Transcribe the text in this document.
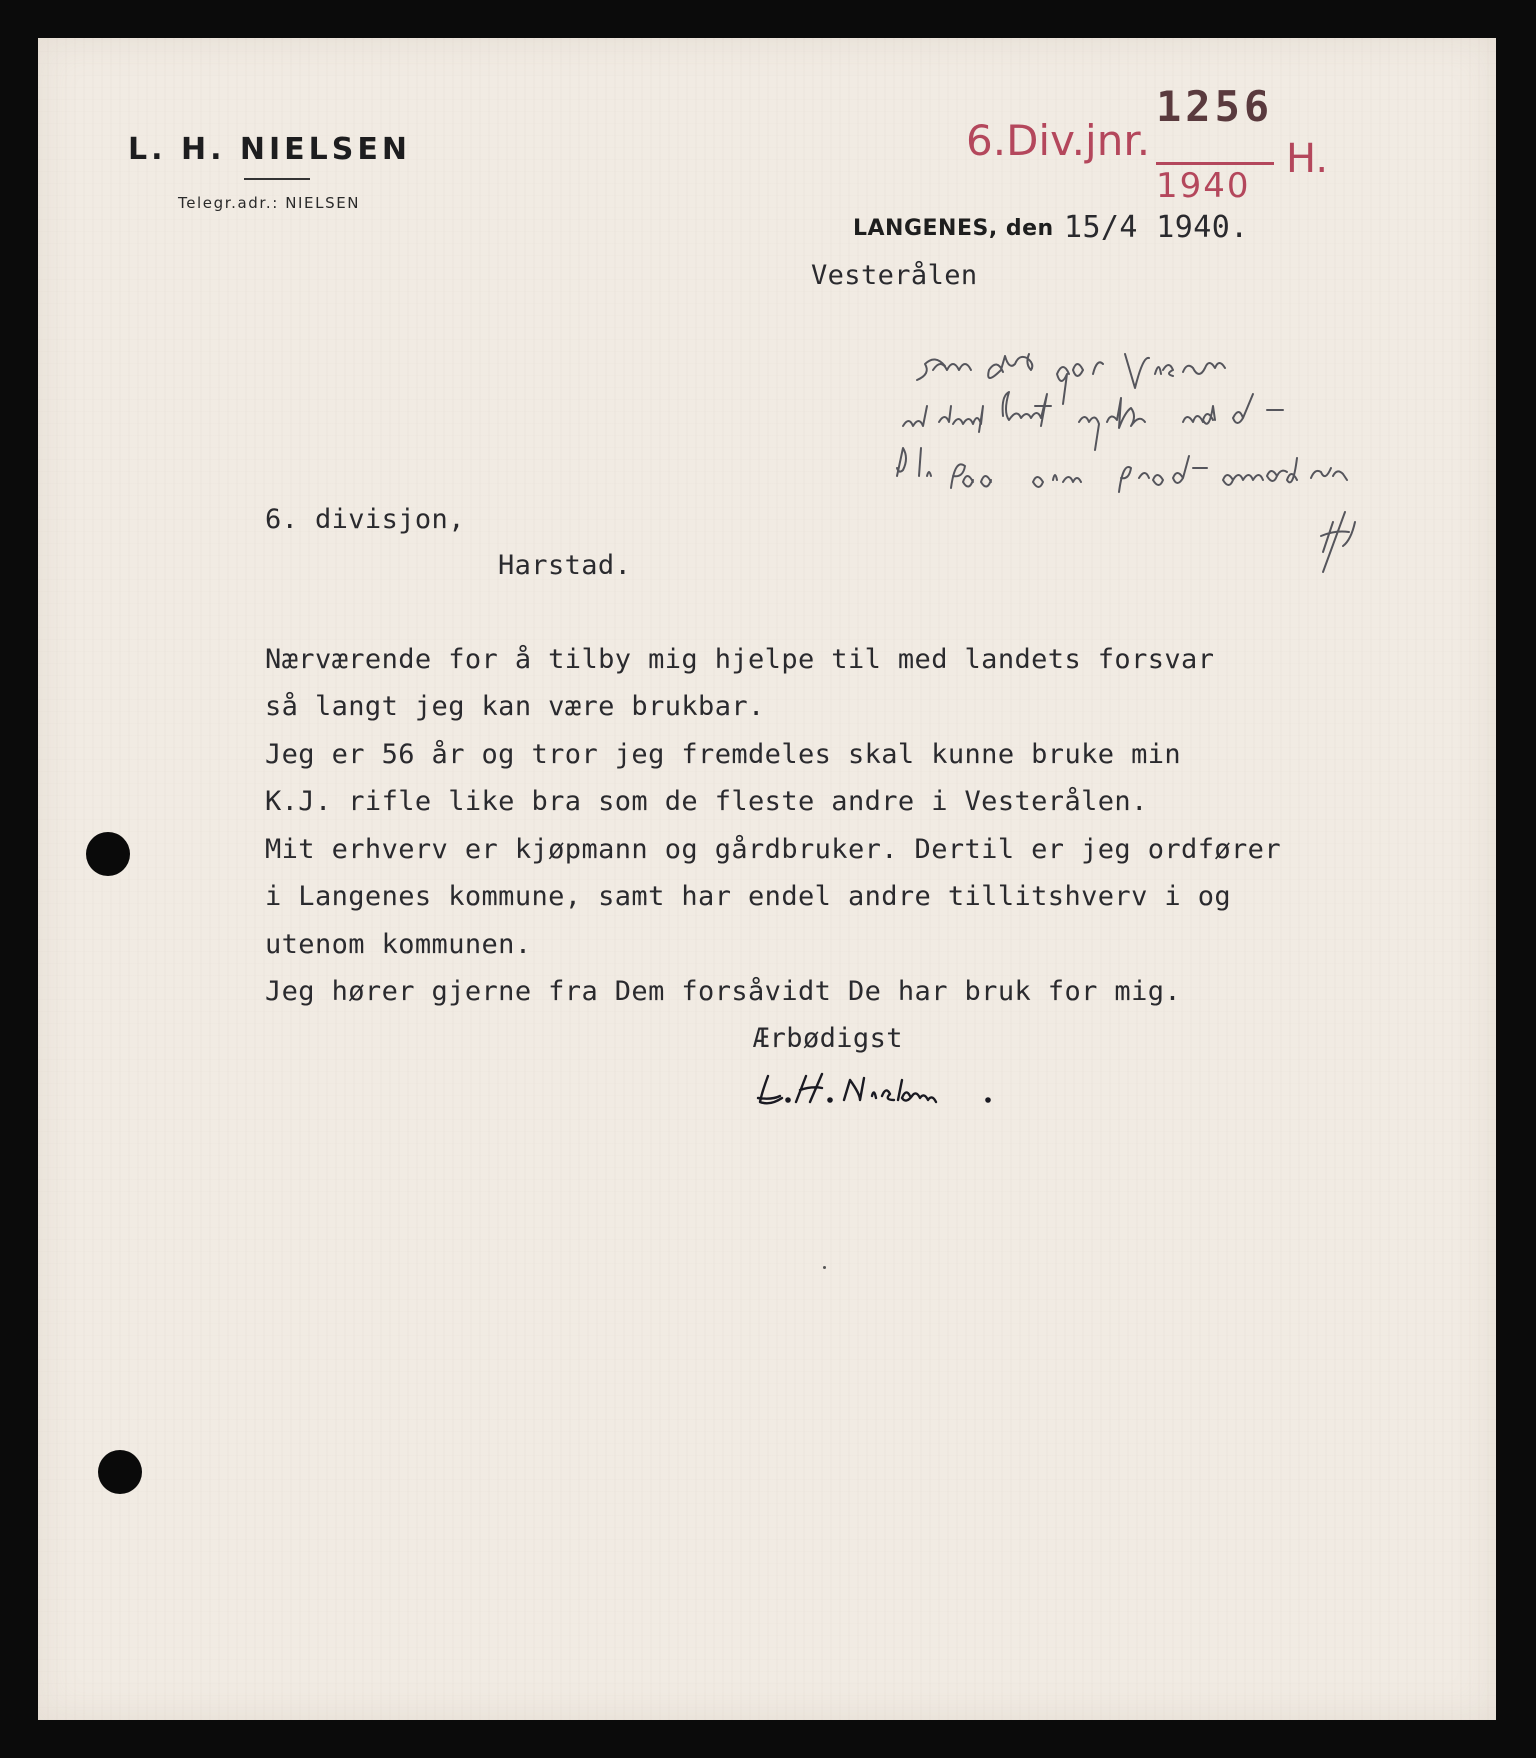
L. H. NIELSEN
Telegr.adr.: NIELSEN
6.Div.jnr.
1256
1940
H.
LANGENES, den 15/4 1940.
Vesterålen
6. divisjon,
Harstad.
Nærværende for å tilby mig hjelpe til med landets forsvar
så langt jeg kan være brukbar.
Jeg er 56 år og tror jeg fremdeles skal kunne bruke min
K.J. rifle like bra som de fleste andre i Vesterålen.
Mit erhverv er kjøpmann og gårdbruker. Dertil er jeg ordfører
i Langenes kommune, samt har endel andre tillitshverv i og
utenom kommunen.
Jeg hører gjerne fra Dem forsåvidt De har bruk for mig.
Ærbødigst
